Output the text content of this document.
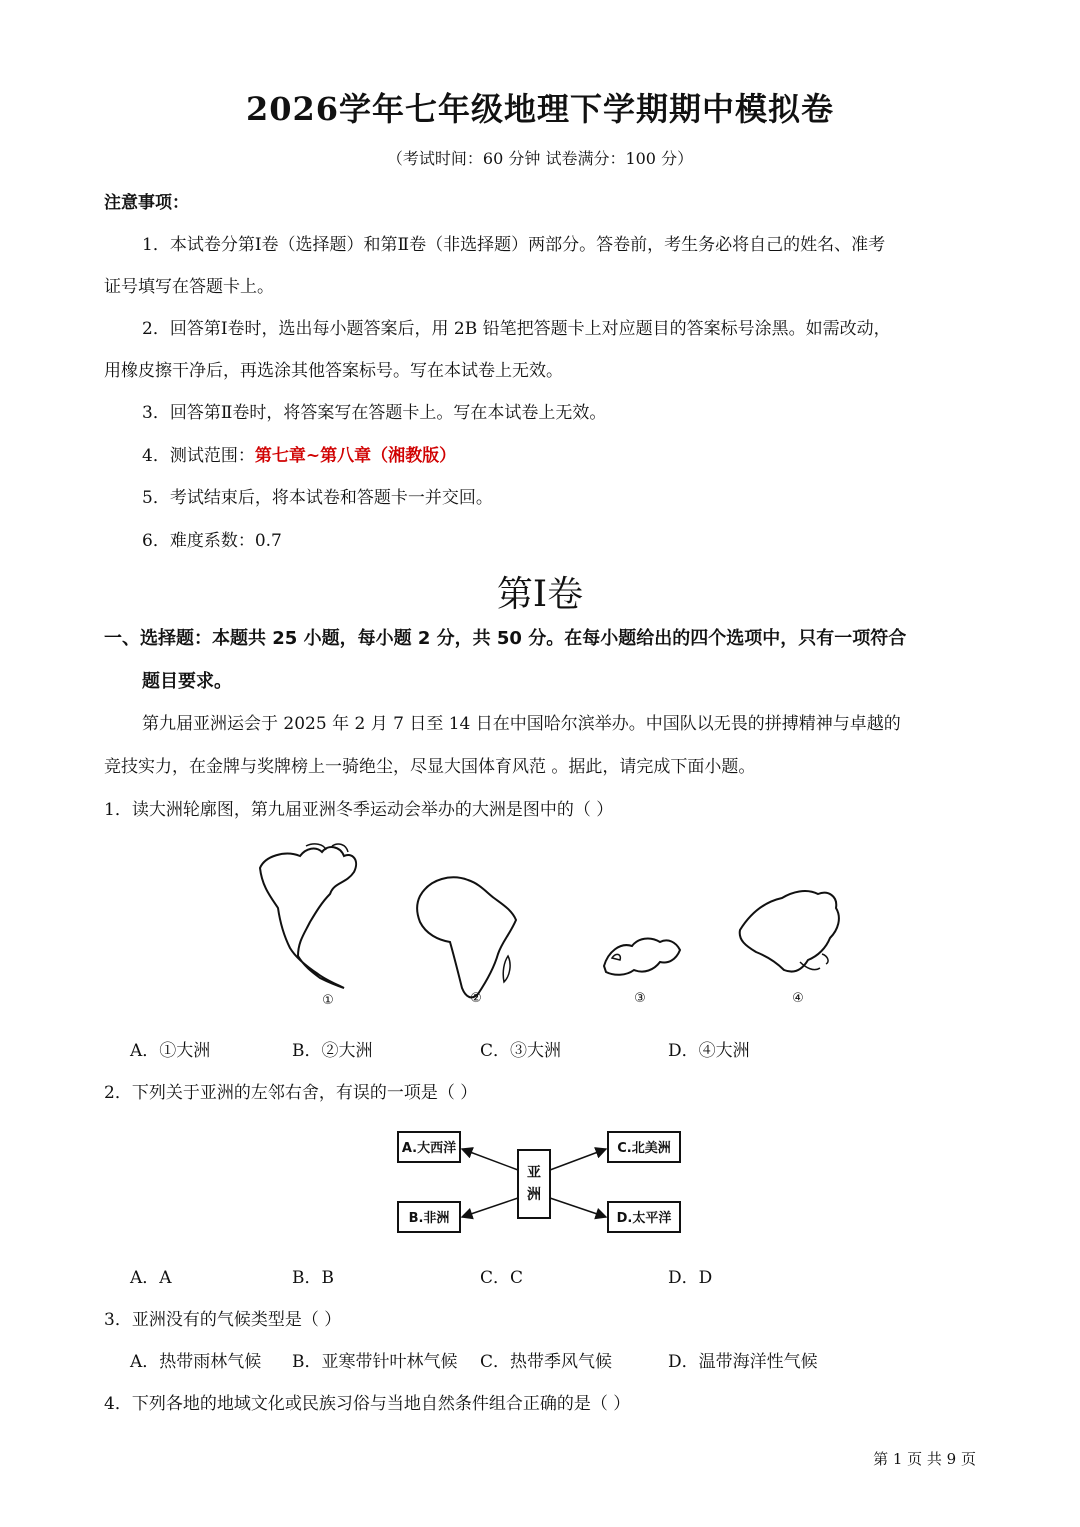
2026学年七年级地理下学期期中模拟卷
（考试时间：60 分钟 试卷满分：100 分）
注意事项：
1．本试卷分第Ⅰ卷（选择题）和第Ⅱ卷（非选择题）两部分。答卷前，考生务必将自己的姓名、准考
证号填写在答题卡上。
2．回答第Ⅰ卷时，选出每小题答案后，用 2B 铅笔把答题卡上对应题目的答案标号涂黑。如需改动，
用橡皮擦干净后，再选涂其他答案标号。写在本试卷上无效。
3．回答第Ⅱ卷时，将答案写在答题卡上。写在本试卷上无效。
4．测试范围：第七章~第八章（湘教版）
5．考试结束后，将本试卷和答题卡一并交回。
6．难度系数：0.7
第Ⅰ卷
一、选择题：本题共 25 小题，每小题 2 分，共 50 分。在每小题给出的四个选项中，只有一项符合
题目要求。
第九届亚洲运会于 2025 年 2 月 7 日至 14 日在中国哈尔滨举办。中国队以无畏的拼搏精神与卓越的
竞技实力，在金牌与奖牌榜上一骑绝尘，尽显大国体育风范 。据此，请完成下面小题。
1．读大洲轮廓图，第九届亚洲冬季运动会举办的大洲是图中的（ ）
①	②	③	④
A．①大洲	B．②大洲	C．③大洲	D．④大洲
2．下列关于亚洲的左邻右舍，有误的一项是（ ）
亚
洲
A.大西洋
B.非洲
C.北美洲
D.太平洋
A．A	B．B	C．C	D．D
3．亚洲没有的气候类型是（ ）
A．热带雨林气候 B．亚寒带针叶林气候 C．热带季风气候	D．温带海洋性气候
4．下列各地的地域文化或民族习俗与当地自然条件组合正确的是（ ）
第 1 页 共 9 页
